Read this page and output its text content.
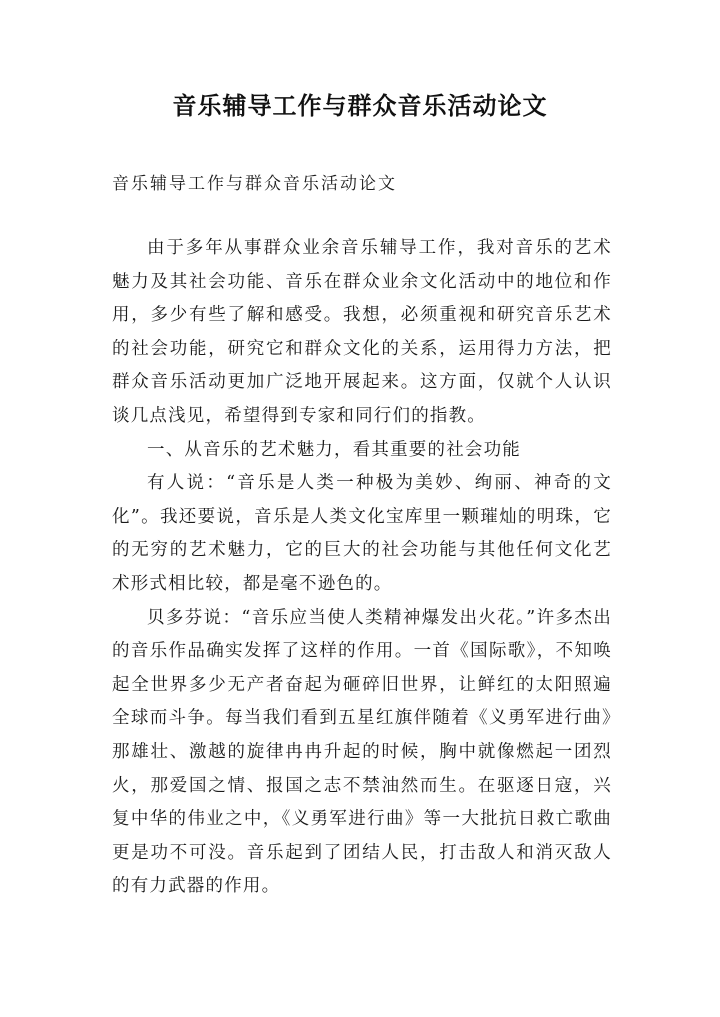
音乐辅导工作与群众音乐活动论文

音乐辅导工作与群众音乐活动论文

由于多年从事群众业余音乐辅导工作，我对音乐的艺术魅力及其社会功能、音乐在群众业余文化活动中的地位和作用，多少有些了解和感受。我想，必须重视和研究音乐艺术的社会功能，研究它和群众文化的关系，运用得力方法，把群众音乐活动更加广泛地开展起来。这方面，仅就个人认识谈几点浅见，希望得到专家和同行们的指教。

一、从音乐的艺术魅力，看其重要的社会功能

有人说：“音乐是人类一种极为美妙、绚丽、神奇的文化”。我还要说，音乐是人类文化宝库里一颗璀灿的明珠，它的无穷的艺术魅力，它的巨大的社会功能与其他任何文化艺术形式相比较，都是毫不逊色的。

贝多芬说：“音乐应当使人类精神爆发出火花。”许多杰出的音乐作品确实发挥了这样的作用。一首《国际歌》，不知唤起全世界多少无产者奋起为砸碎旧世界，让鲜红的太阳照遍全球而斗争。每当我们看到五星红旗伴随着《义勇军进行曲》那雄壮、激越的旋律冉冉升起的时候，胸中就像燃起一团烈火，那爱国之情、报国之志不禁油然而生。在驱逐日寇，兴复中华的伟业之中，《义勇军进行曲》等一大批抗日救亡歌曲更是功不可没。音乐起到了团结人民，打击敌人和消灭敌人的有力武器的作用。
